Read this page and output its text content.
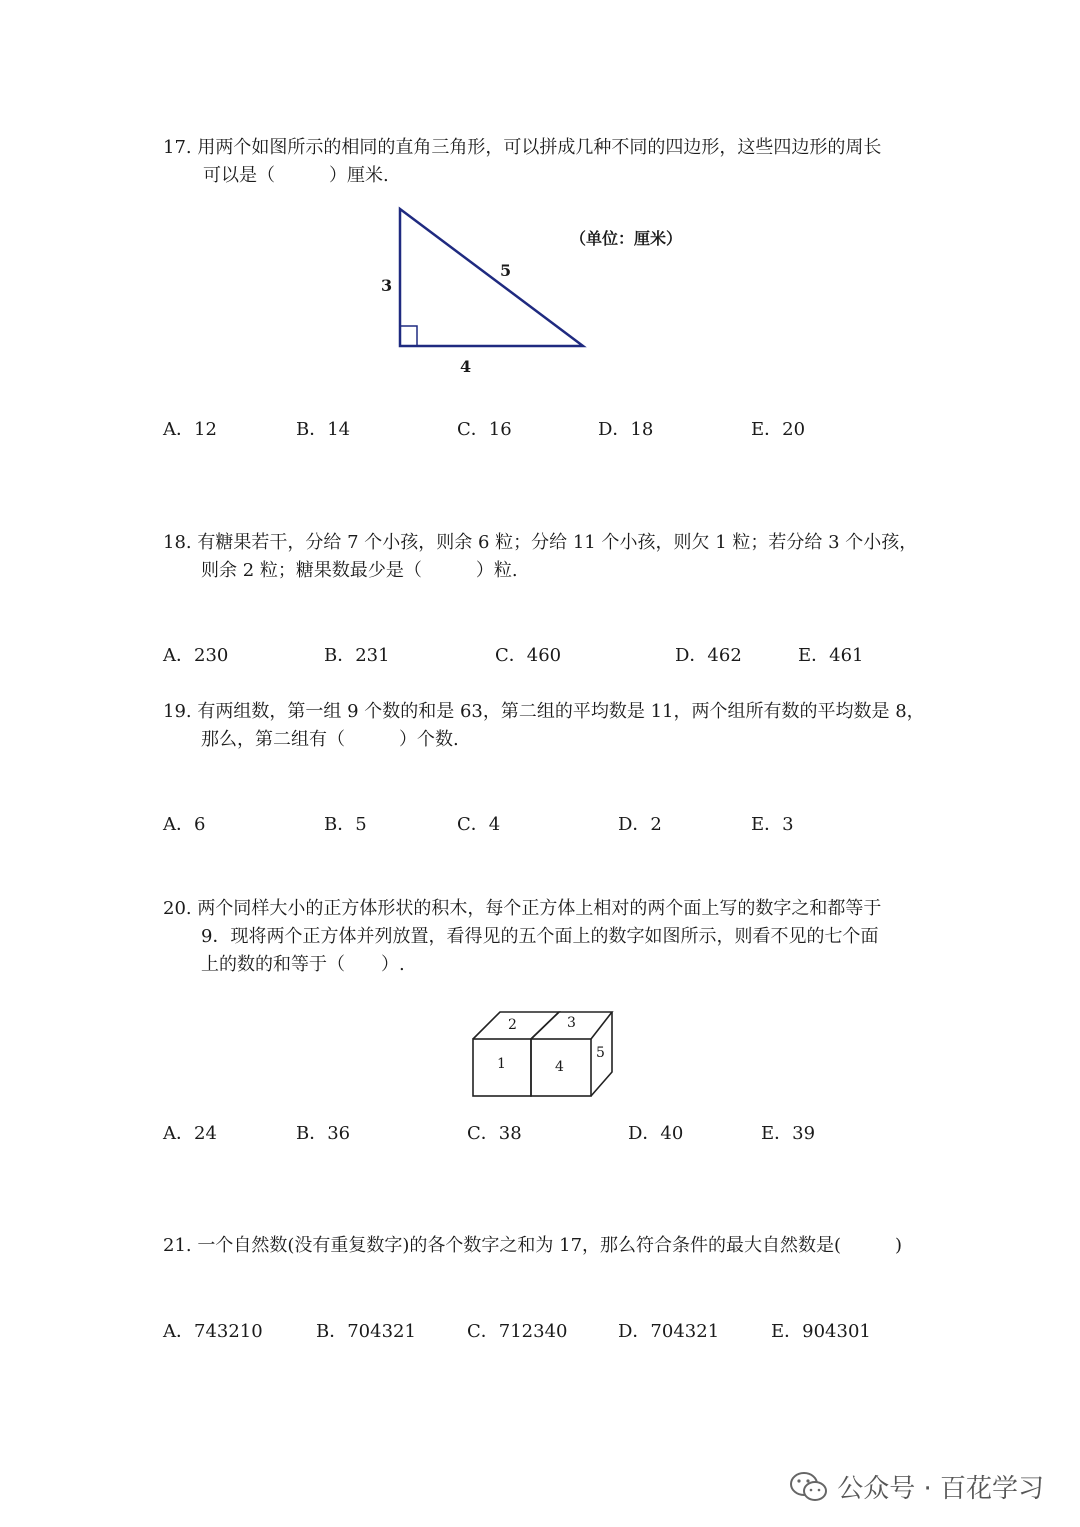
17. 用两个如图所示的相同的直角三角形，可以拼成几种不同的四边形，这些四边形的周长
可以是（　　　）厘米.
3
5
4
（单位：厘米）
A．12	B．14	C．16	D．18	E．20
18. 有糖果若干，分给 7 个小孩，则余 6 粒；分给 11 个小孩，则欠 1 粒；若分给 3 个小孩，
则余 2 粒；糖果数最少是（　　　）粒.
A．230	B．231	C．460	D．462	E．461
19. 有两组数，第一组 9 个数的和是 63，第二组的平均数是 11，两个组所有数的平均数是 8，
那么，第二组有（　　　）个数.
A．6	B．5	C．4	D．2	E．3
20. 两个同样大小的正方体形状的积木，每个正方体上相对的两个面上写的数字之和都等于
9．现将两个正方体并列放置，看得见的五个面上的数字如图所示，则看不见的七个面
上的数的和等于（　　）.
2	3
1	4
5
A．24	B．36	C．38	D．40	E．39
21. 一个自然数(没有重复数字)的各个数字之和为 17，那么符合条件的最大自然数是(　　　)
A．743210	B．704321	C．712340	D．704321	E．904301
公众号 · 百花学习
